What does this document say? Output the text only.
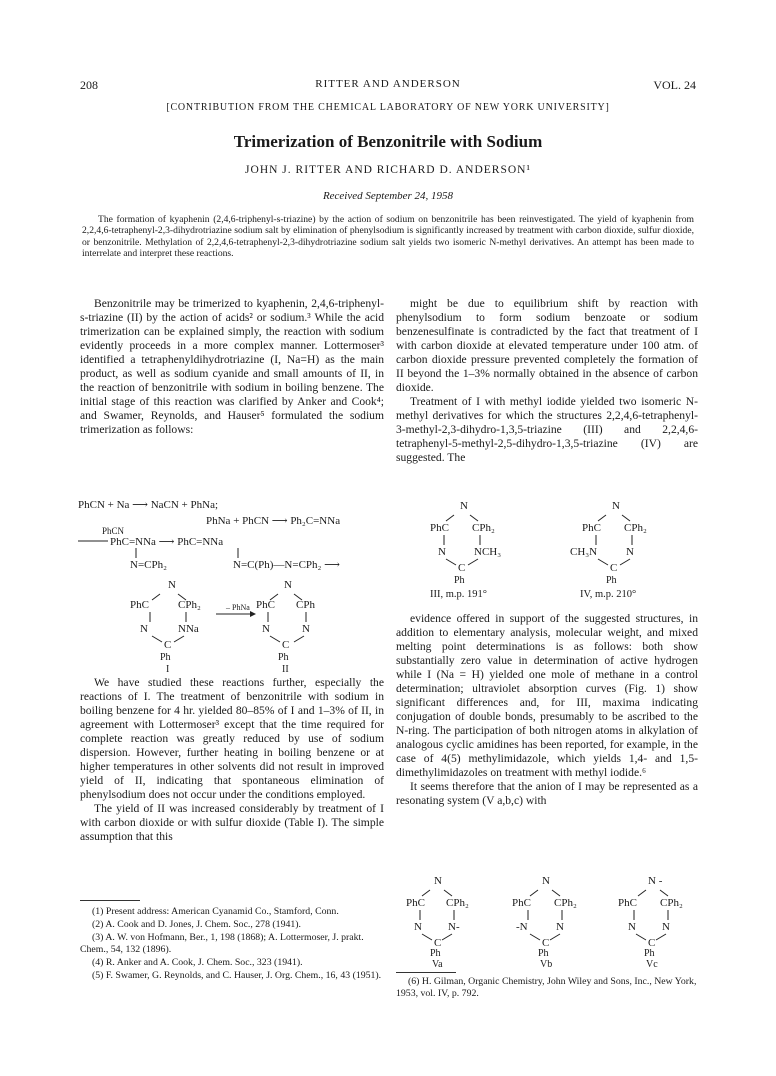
208	RITTER AND ANDERSON	VOL. 24
[CONTRIBUTION FROM THE CHEMICAL LABORATORY OF NEW YORK UNIVERSITY]
Trimerization of Benzonitrile with Sodium
JOHN J. RITTER AND RICHARD D. ANDERSON¹
Received September 24, 1958
The formation of kyaphenin (2,4,6-triphenyl-s-triazine) by the action of sodium on benzonitrile has been reinvestigated. The yield of kyaphenin from 2,2,4,6-tetraphenyl-2,3-dihydrotriazine sodium salt by elimination of phenylsodium is significantly increased by treatment with carbon dioxide, sulfur dioxide, or benzonitrile. Methylation of 2,2,4,6-tetraphenyl-2,3-dihydrotriazine sodium salt yields two isomeric N-methyl derivatives. An attempt has been made to interrelate and interpret these reactions.

Benzonitrile may be trimerized to kyaphenin, 2,4,6-triphenyl-s-triazine (II) by the action of acids² or sodium.³ While the acid trimerization can be explained simply, the reaction with sodium evidently proceeds in a more complex manner. Lottermoser³ identified a tetraphenyldihydrotriazine (I, Na=H) as the main product, as well as sodium cyanide and small amounts of II, in the reaction of benzonitrile with sodium in boiling benzene. The initial stage of this reaction was clarified by Anker and Cook⁴; and Swamer, Reynolds, and Hauser⁵ formulated the sodium trimerization as follows:

PhCN + Na ⟶ NaCN + PhNa;
PhNa + PhCN ⟶ Ph₂C=NNa
PhCN
PhC=NNa ⟶ PhC=NNa
N=CPh₂	N=C(Ph)—N=CPh₂ ⟶
N
PhC	CPh₂
N	NNa
C
Ph
I
– PhNa
N
PhC CPh
N	N
C
Ph
II

We have studied these reactions further, especially the reactions of I. The treatment of benzonitrile with sodium in boiling benzene for 4 hr. yielded 80–85% of I and 1–3% of II, in agreement with Lottermoser³ except that the time required for complete reaction was greatly reduced by use of sodium dispersion. However, further heating in boiling benzene or at higher temperatures in other solvents did not result in improved yield of II, indicating that spontaneous elimination of phenylsodium does not occur under the conditions employed.

The yield of II was increased considerably by treatment of I with carbon dioxide or with sulfur dioxide (Table I). The simple assumption that this

(1) Present address: American Cyanamid Co., Stamford, Conn.

(2) A. Cook and D. Jones, J. Chem. Soc., 278 (1941).

(3) A. W. von Hofmann, Ber., 1, 198 (1868); A. Lottermoser, J. prakt. Chem., 54, 132 (1896).

(4) R. Anker and A. Cook, J. Chem. Soc., 323 (1941).

(5) F. Swamer, G. Reynolds, and C. Hauser, J. Org. Chem., 16, 43 (1951).

might be due to equilibrium shift by reaction with phenylsodium to form sodium benzoate or sodium benzenesulfinate is contradicted by the fact that treatment of I with carbon dioxide at elevated temperature under 100 atm. of carbon dioxide pressure prevented completely the formation of II beyond the 1–3% normally obtained in the absence of carbon dioxide.

Treatment of I with methyl iodide yielded two isomeric N-methyl derivatives for which the structures 2,2,4,6-tetraphenyl-3-methyl-2,3-dihydro-1,3,5-triazine (III) and 2,2,4,6-tetraphenyl-5-methyl-2,5-dihydro-1,3,5-triazine (IV) are suggested. The

N
PhC CPh₂
N	NCH₃
C
Ph
III, m.p. 191°
N
PhC CPh₂
CH₃N	N
C
Ph
IV, m.p. 210°

evidence offered in support of the suggested structures, in addition to elementary analysis, molecular weight, and mixed melting point determinations is as follows: both show substantially zero value in determination of active hydrogen while I (Na = H) yielded one mole of methane in a control determination; ultraviolet absorption curves (Fig. 1) show significant differences and, for III, maxima indicating conjugation of double bonds, presumably to be ascribed to the N-ring. The participation of both nitrogen atoms in alkylation of analogous cyclic amidines has been reported, for example, in the case of 4(5) methylimidazole, which yields 1,4- and 1,5-dimethylimidazoles on treatment with methyl iodide.⁶

It seems therefore that the anion of I may be represented as a resonating system (V a,b,c) with

N
PhC CPh₂
N N-
C
Ph
Va
N
PhC CPh₂
-N	N
C
Ph
Vb
N -
PhC CPh₂
N N
C
Ph
Vc

(6) H. Gilman, Organic Chemistry, John Wiley and Sons, Inc., New York, 1953, vol. IV, p. 792.
